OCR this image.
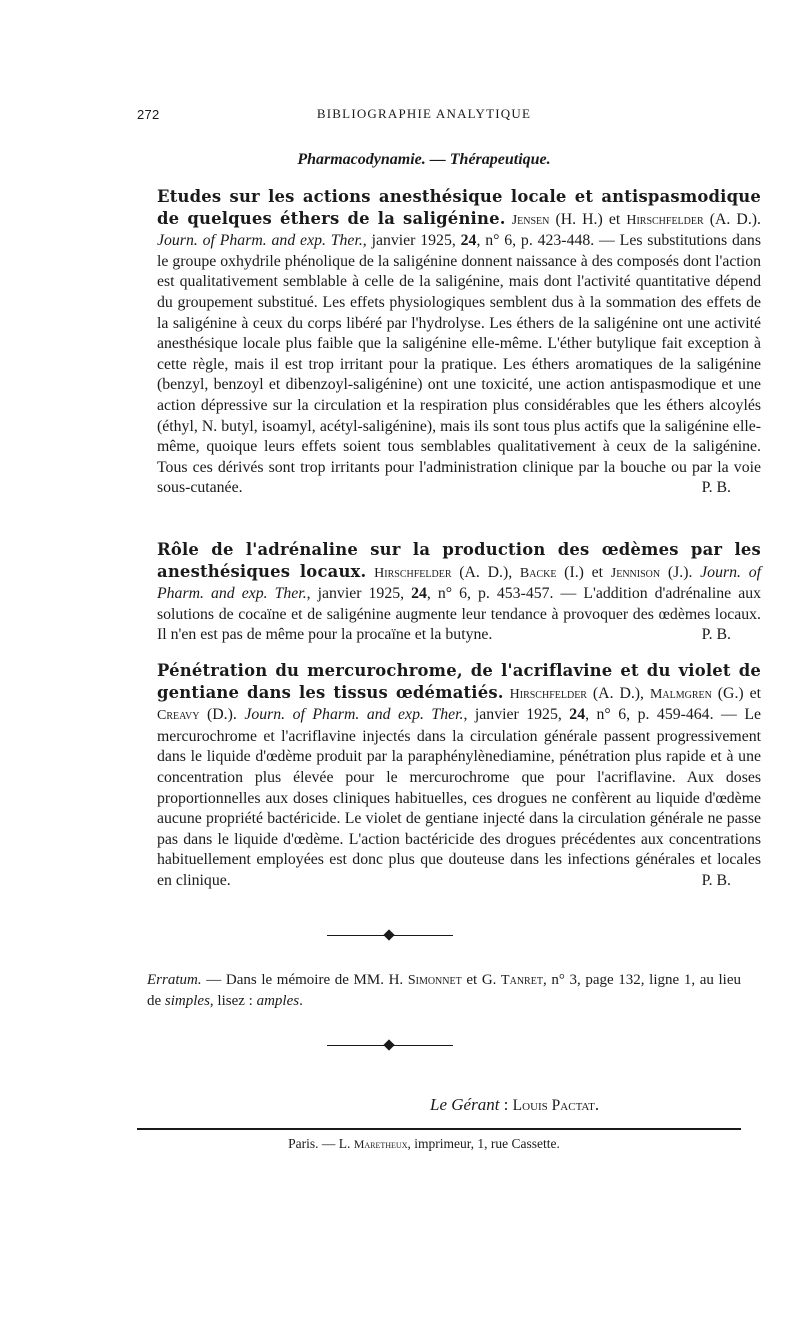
272	BIBLIOGRAPHIE ANALYTIQUE
Pharmacodynamie. — Thérapeutique.
Etudes sur les actions anesthésique locale et antispasmodique de quelques éthers de la saligénine. Jensen (H. H.) et Hirschfelder (A. D.). Journ. of Pharm. and exp. Ther., janvier 1925, 24, n° 6, p. 423-448. — Les substitutions dans le groupe oxhydrile phénolique de la saligénine donnent naissance à des composés dont l'action est qualitativement semblable à celle de la saligénine, mais dont l'activité quantitative dépend du groupement substitué. Les effets physiologiques semblent dus à la sommation des effets de la saligénine à ceux du corps libéré par l'hydrolyse. Les éthers de la saligénine ont une activité anesthésique locale plus faible que la saligénine elle-même. L'éther butylique fait exception à cette règle, mais il est trop irritant pour la pratique. Les éthers aromatiques de la saligénine (benzyl, benzoyl et dibenzoyl-saligénine) ont une toxicité, une action antispasmodique et une action dépressive sur la circulation et la respiration plus considérables que les éthers alcoylés (éthyl, N. butyl, isoamyl, acétyl-saligénine), mais ils sont tous plus actifs que la saligénine elle-même, quoique leurs effets soient tous semblables qualitativement à ceux de la saligénine. Tous ces dérivés sont trop irritants pour l'administration clinique par la bouche ou par la voie sous-cutanée.	P. B.
Rôle de l'adrénaline sur la production des œdèmes par les anesthésiques locaux. Hirschfelder (A. D.), Backe (I.) et Jennison (J.). Journ. of Pharm. and exp. Ther., janvier 1925, 24, n° 6, p. 453-457. — L'addition d'adrénaline aux solutions de cocaïne et de saligénine augmente leur tendance à provoquer des œdèmes locaux. Il n'en est pas de même pour la procaïne et la butyne.	P. B.
Pénétration du mercurochrome, de l'acriflavine et du violet de gentiane dans les tissus œdématiés. Hirschfelder (A. D.), Malmgren (G.) et Creavy (D.). Journ. of Pharm. and exp. Ther., janvier 1925, 24, n° 6, p. 459-464. — Le mercurochrome et l'acriflavine injectés dans la circulation générale passent progressivement dans le liquide d'œdème produit par la paraphénylènediamine, pénétration plus rapide et à une concentration plus élevée pour le mercurochrome que pour l'acriflavine. Aux doses proportionnelles aux doses cliniques habituelles, ces drogues ne confèrent au liquide d'œdème aucune propriété bactéricide. Le violet de gentiane injecté dans la circulation générale ne passe pas dans le liquide d'œdème. L'action bactéricide des drogues précédentes aux concentrations habituellement employées est donc plus que douteuse dans les infections générales et locales en clinique.	P. B.
Erratum. — Dans le mémoire de MM. H. Simonnet et G. Tanret, n° 3, page 132, ligne 1, au lieu de simples, lisez : amples.
Le Gérant : Louis Pactat.
Paris. — L. Maretheux, imprimeur, 1, rue Cassette.
